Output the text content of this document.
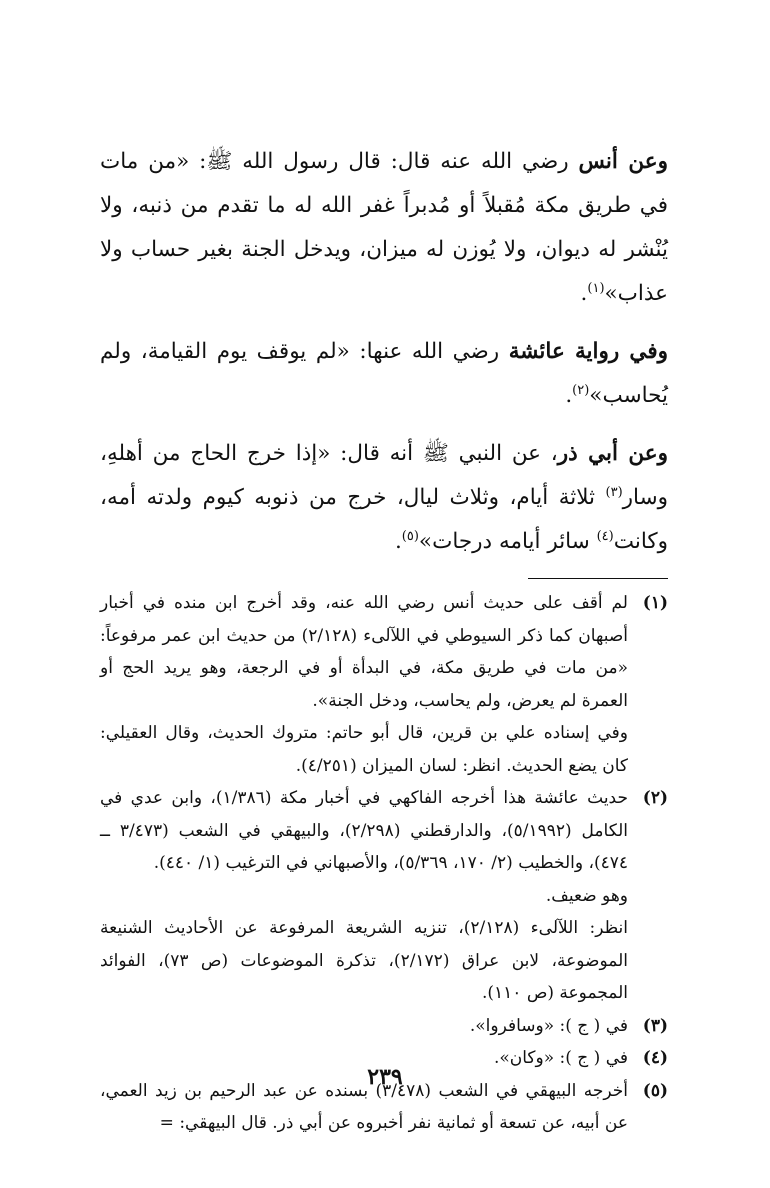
وعن أنس رضي الله عنه قال: قال رسول الله ﷺ: «من مات في طريق مكة مُقبلاً أو مُدبراً غفر الله له ما تقدم من ذنبه، ولا يُنْشر له ديوان، ولا يُوزن له ميزان، ويدخل الجنة بغير حساب ولا عذاب»$^{(١)}$.

وفي رواية عائشة رضي الله عنها: «لم يوقف يوم القيامة، ولم يُحاسب»$^{(٢)}$.

وعن أبي ذر، عن النبي ﷺ أنه قال: «إذا خرج الحاج من أهلهِ، وسار$^{(٣)}$ ثلاثة أيام، وثلاث ليال، خرج من ذنوبه كيوم ولدته أمه، وكانت$^{(٤)}$ سائر أيامه درجات»$^{(٥)}$.

(١)

لم أقف على حديث أنس رضي الله عنه، وقد أخرج ابن منده في أخبار أصبهان كما ذكر السيوطي في اللآلىء (٢/١٢٨) من حديث ابن عمر مرفوعاً: «من مات في طريق مكة، في البدأة أو في الرجعة، وهو يريد الحج أو العمرة لم يعرض، ولم يحاسب، ودخل الجنة».

وفي إسناده علي بن قرين، قال أبو حاتم: متروك الحديث، وقال العقيلي: كان يضع الحديث. انظر: لسان الميزان (٤/٢٥١).

(٢)

حديث عائشة هذا أخرجه الفاكهي في أخبار مكة (١/٣٨٦)، وابن عدي في الكامل (٥/١٩٩٢)، والدارقطني (٢/٢٩٨)، والبيهقي في الشعب (٣/٤٧٣ ــ ٤٧٤)، والخطيب (٢/ ١٧٠، ٥/٣٦٩)، والأصبهاني في الترغيب (١/ ٤٤٠).

وهو ضعيف.

انظر: اللآلىء (٢/١٢٨)، تنزيه الشريعة المرفوعة عن الأحاديث الشنيعة الموضوعة، لابن عراق (٢/١٧٢)، تذكرة الموضوعات (ص ٧٣)، الفوائد المجموعة (ص ١١٠).

(٣)

في ( ج ): «وسافروا».

(٤)

في ( ج ): «وكان».

(٥)

أخرجه البيهقي في الشعب (٣/٤٧٨) بسنده عن عبد الرحيم بن زيد العمي، عن أبيه، عن تسعة أو ثمانية نفر أخبروه عن أبي ذر. قال البيهقي: =

٢٣٩
